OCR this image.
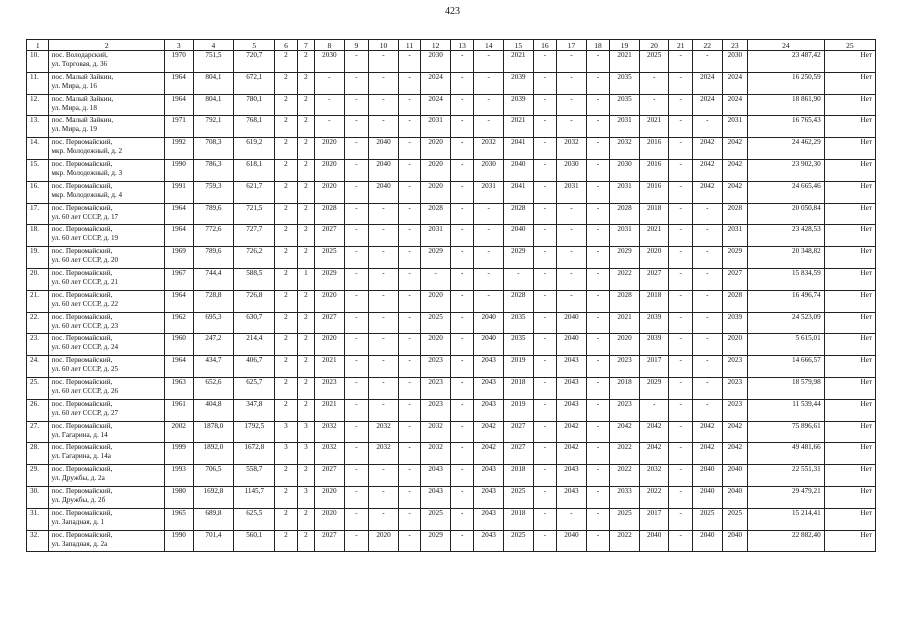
423
1	2	3	4	5	6	7	8	9	10	11	12	13	14	15	16	17	18	19	20	21	22	23	24	25
10.	пос. Володарский,
ул. Торговая, д. 36	1970	751,5	720,7	2	2	2030	-	-	-	2030	-	-	2021	-	-	-	2021	2025	-	-	2030	23 487,42	Нет
11.	пос. Малый Зайкин,
ул. Мира, д. 16	1964	804,1	672,1	2	2	-	-	-	-	2024	-	-	2039	-	-	-	2035	-	-	2024	2024	16 250,59	Нет
12.	пос. Малый Зайкин,
ул. Мира, д. 18	1964	804,1	780,1	2	2	-	-	-	-	2024	-	-	2039	-	-	-	2035	-	-	2024	2024	18 861,90	Нет
13.	пос. Малый Зайкин,
ул. Мира, д. 19	1971	792,1	768,1	2	2	-	-	-	-	2031	-	-	2021	-	-	-	2031	2021	-	-	2031	16 765,43	Нет
14.	пос. Первомайский,
мкр. Молодежный, д. 2	1992	708,3	619,2	2	2	2020	-	2040	-	2020	-	2032	2041	-	2032	-	2032	2016	-	2042	2042	24 462,29	Нет
15.	пос. Первомайский,
мкр. Молодежный, д. 3	1990	786,3	618,1	2	2	2020	-	2040	-	2020	-	2030	2040	-	2030	-	2030	2016	-	2042	2042	23 902,30	Нет
16.	пос. Первомайский,
мкр. Молодежный, д. 4	1991	759,3	621,7	2	2	2020	-	2040	-	2020	-	2031	2041	-	2031	-	2031	2016	-	2042	2042	24 665,46	Нет
17.	пос. Первомайский,
ул. 60 лет СССР, д. 17	1964	789,6	721,5	2	2	2028	-	-	-	2028	-	-	2028	-	-	-	2028	2018	-	-	2028	20 050,84	Нет
18.	пос. Первомайский,
ул. 60 лет СССР, д. 19	1964	772,6	727,7	2	2	2027	-	-	-	2031	-	-	2040	-	-	-	2031	2021	-	-	2031	23 428,53	Нет
19.	пос. Первомайский,
ул. 60 лет СССР, д. 20	1969	789,6	726,2	2	2	2025	-	-	-	2029	-	-	2029	-	-	-	2029	2020	-	-	2029	20 348,82	Нет
20.	пос. Первомайский,
ул. 60 лет СССР, д. 21	1967	744,4	588,5	2	1	2029	-	-	-	-	-	-	-	-	-	-	2022	2027	-	-	2027	15 834,59	Нет
21.	пос. Первомайский,
ул. 60 лет СССР, д. 22	1964	728,8	726,8	2	2	2020	-	-	-	2020	-	-	2028	-	-	-	2028	2018	-	-	2028	16 496,74	Нет
22.	пос. Первомайский,
ул. 60 лет СССР, д. 23	1962	695,3	630,7	2	2	2027	-	-	-	2025	-	2040	2035	-	2040	-	2021	2039	-	-	2039	24 523,09	Нет
23.	пос. Первомайский,
ул. 60 лет СССР, д. 24	1960	247,2	214,4	2	2	2020	-	-	-	2020	-	2040	2035	-	2040	-	2020	2039	-	-	2020	5 615,01	Нет
24.	пос. Первомайский,
ул. 60 лет СССР, д. 25	1964	434,7	406,7	2	2	2021	-	-	-	2023	-	2043	2019	-	2043	-	2023	2017	-	-	2023	14 666,57	Нет
25.	пос. Первомайский,
ул. 60 лет СССР, д. 26	1963	652,6	625,7	2	2	2023	-	-	-	2023	-	2043	2018	-	2043	-	2018	2029	-	-	2023	18 579,98	Нет
26.	пос. Первомайский,
ул. 60 лет СССР, д. 27	1961	404,8	347,8	2	2	2021	-	-	-	2023	-	2043	2019	-	2043	-	2023	-	-	-	2023	11 539,44	Нет
27.	пос. Первомайский,
ул. Гагарина, д. 14	2002	1878,0	1792,5	3	3	2032	-	2032	-	2032	-	2042	2027	-	2042	-	2042	2042	-	2042	2042	75 896,61	Нет
28.	пос. Первомайский,
ул. Гагарина, д. 14а	1999	1892,0	1672,8	3	3	2032	-	2032	-	2032	-	2042	2027	-	2042	-	2022	2042	-	2042	2042	49 481,66	Нет
29.	пос. Первомайский,
ул. Дружбы, д. 2а	1993	706,5	558,7	2	2	2027	-	-	-	2043	-	2043	2018	-	2043	-	2022	2032	-	2040	2040	22 551,31	Нет
30.	пос. Первомайский,
ул. Дружбы, д. 2б	1980	1692,8	1145,7	2	3	2020	-	-	-	2043	-	2043	2025	-	2043	-	2033	2022	-	2040	2040	29 479,21	Нет
31.	пос. Первомайский,
ул. Западная, д. 1	1965	689,8	625,5	2	2	2020	-	-	-	2025	-	2043	2018	-	-	-	2025	2017	-	2025	2025	15 214,41	Нет
32.	пос. Первомайский,
ул. Западная, д. 2а	1990	701,4	560,1	2	2	2027	-	2020	-	2029	-	2043	2025	-	2040	-	2022	2040	-	2040	2040	22 882,40	Нет
